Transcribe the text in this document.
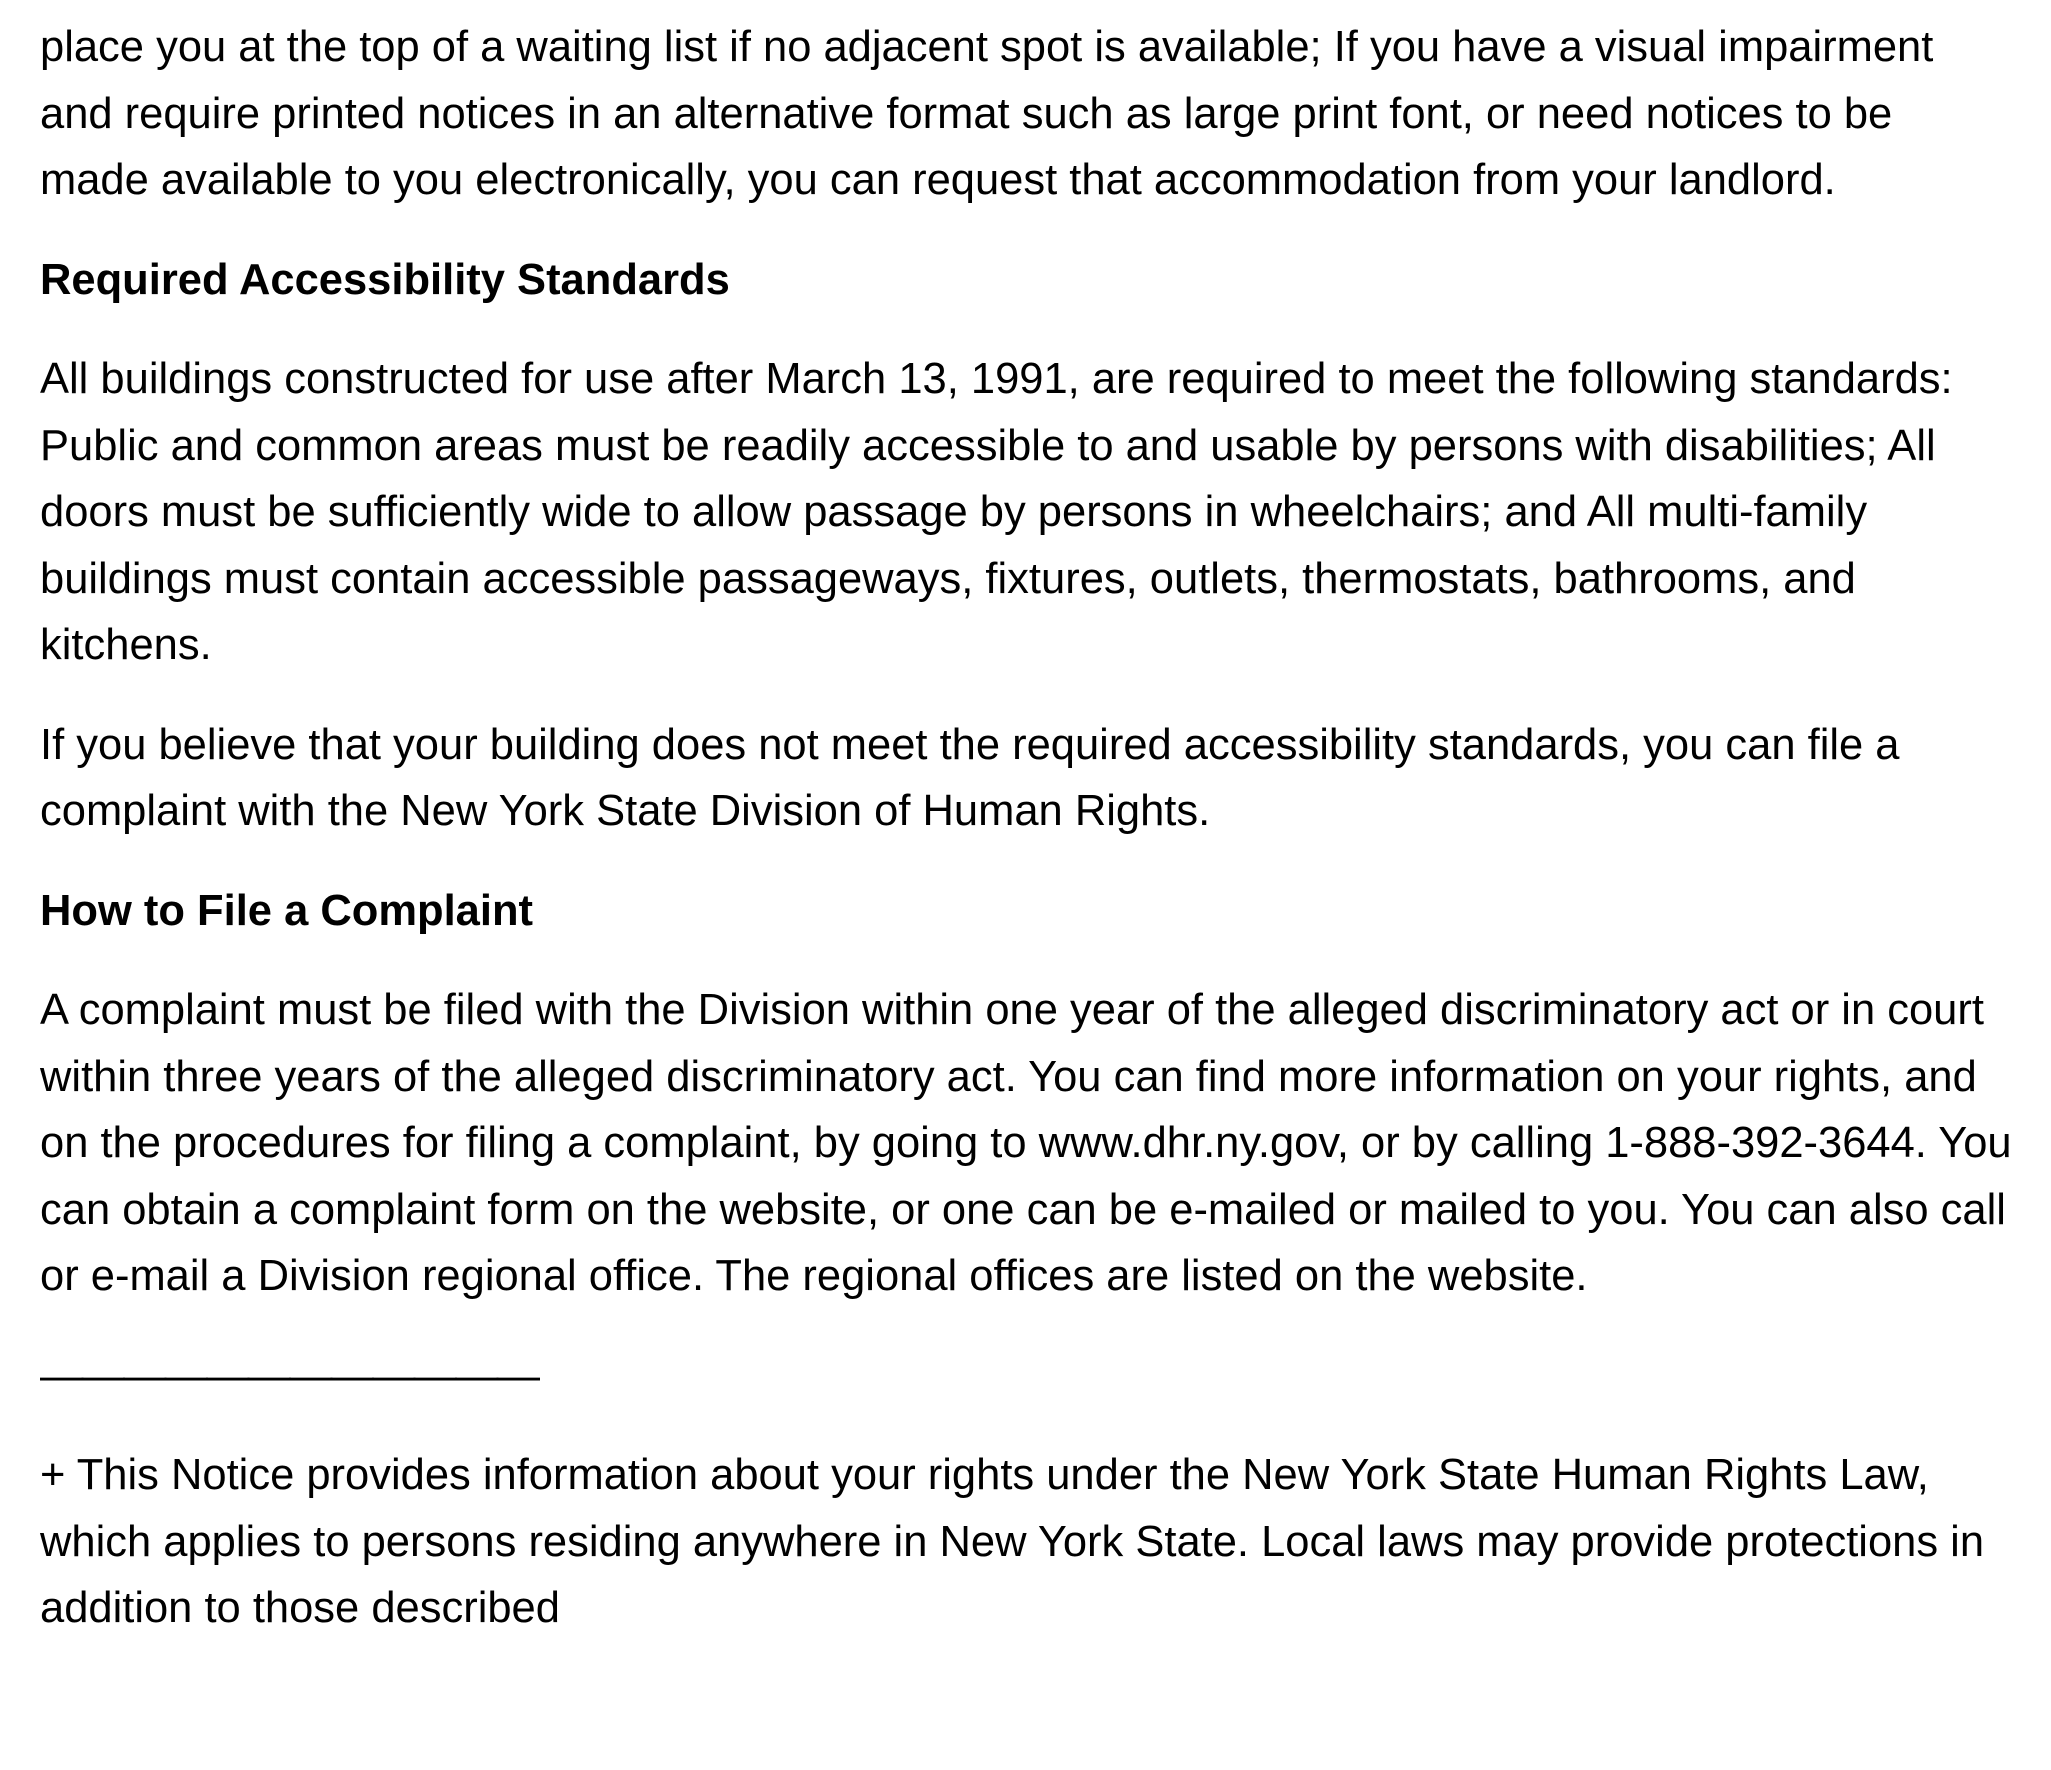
place you at the top of a waiting list if no adjacent spot is available; If you have a visual impairment and require printed notices in an alternative format such as large print font, or need notices to be made available to you electronically, you can request that accommodation from your landlord.

Required Accessibility Standards

All buildings constructed for use after March 13, 1991, are required to meet the following standards: Public and common areas must be readily accessible to and usable by persons with disabilities; All doors must be sufficiently wide to allow passage by persons in wheelchairs; and All multi-family buildings must contain accessible passageways, fixtures, outlets, thermostats, bathrooms, and kitchens.

If you believe that your building does not meet the required accessibility standards, you can file a complaint with the New York State Division of Human Rights.

How to File a Complaint

A complaint must be filed with the Division within one year of the alleged discriminatory act or in court within three years of the alleged discriminatory act. You can find more information on your rights, and on the procedures for filing a complaint, by going to www.dhr.ny.gov, or by calling 1-888-392-3644. You can obtain a complaint form on the website, or one can be e-mailed or mailed to you. You can also call or e-mail a Division regional office. The regional offices are listed on the website.

————————————

+ This Notice provides information about your rights under the New York State Human Rights Law, which applies to persons residing anywhere in New York State. Local laws may provide protections in addition to those described
